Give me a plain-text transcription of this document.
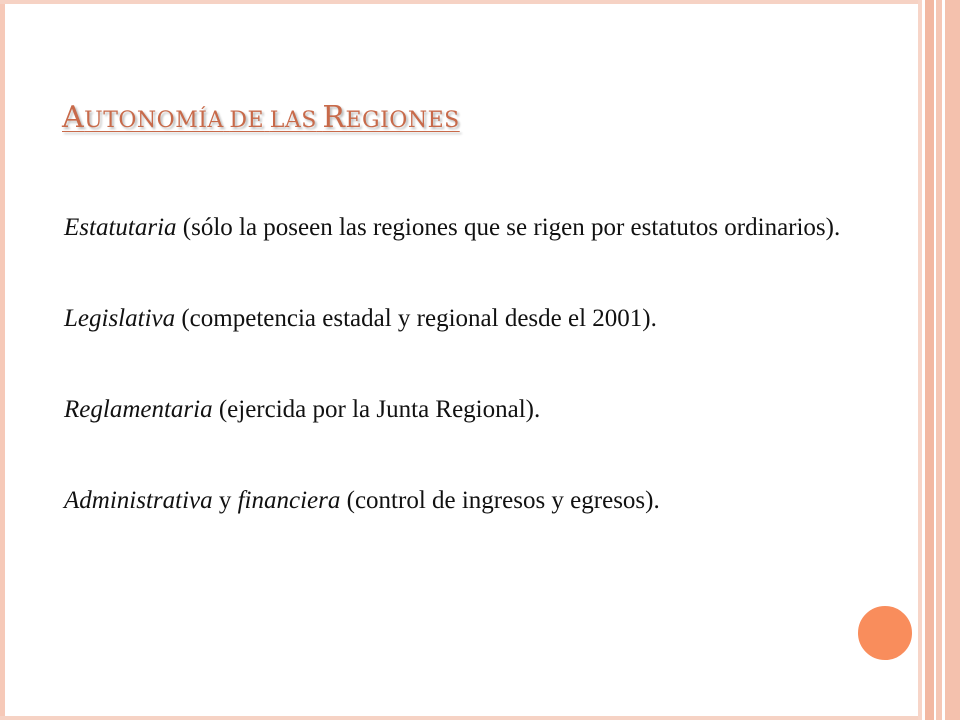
AUTONOMÍA DE LAS REGIONES

Estatutaria (sólo la poseen las regiones que se rigen por estatutos ordinarios).

Legislativa (competencia estadal y regional desde el 2001).

Reglamentaria (ejercida por la Junta Regional).

Administrativa y financiera (control de ingresos y egresos).
